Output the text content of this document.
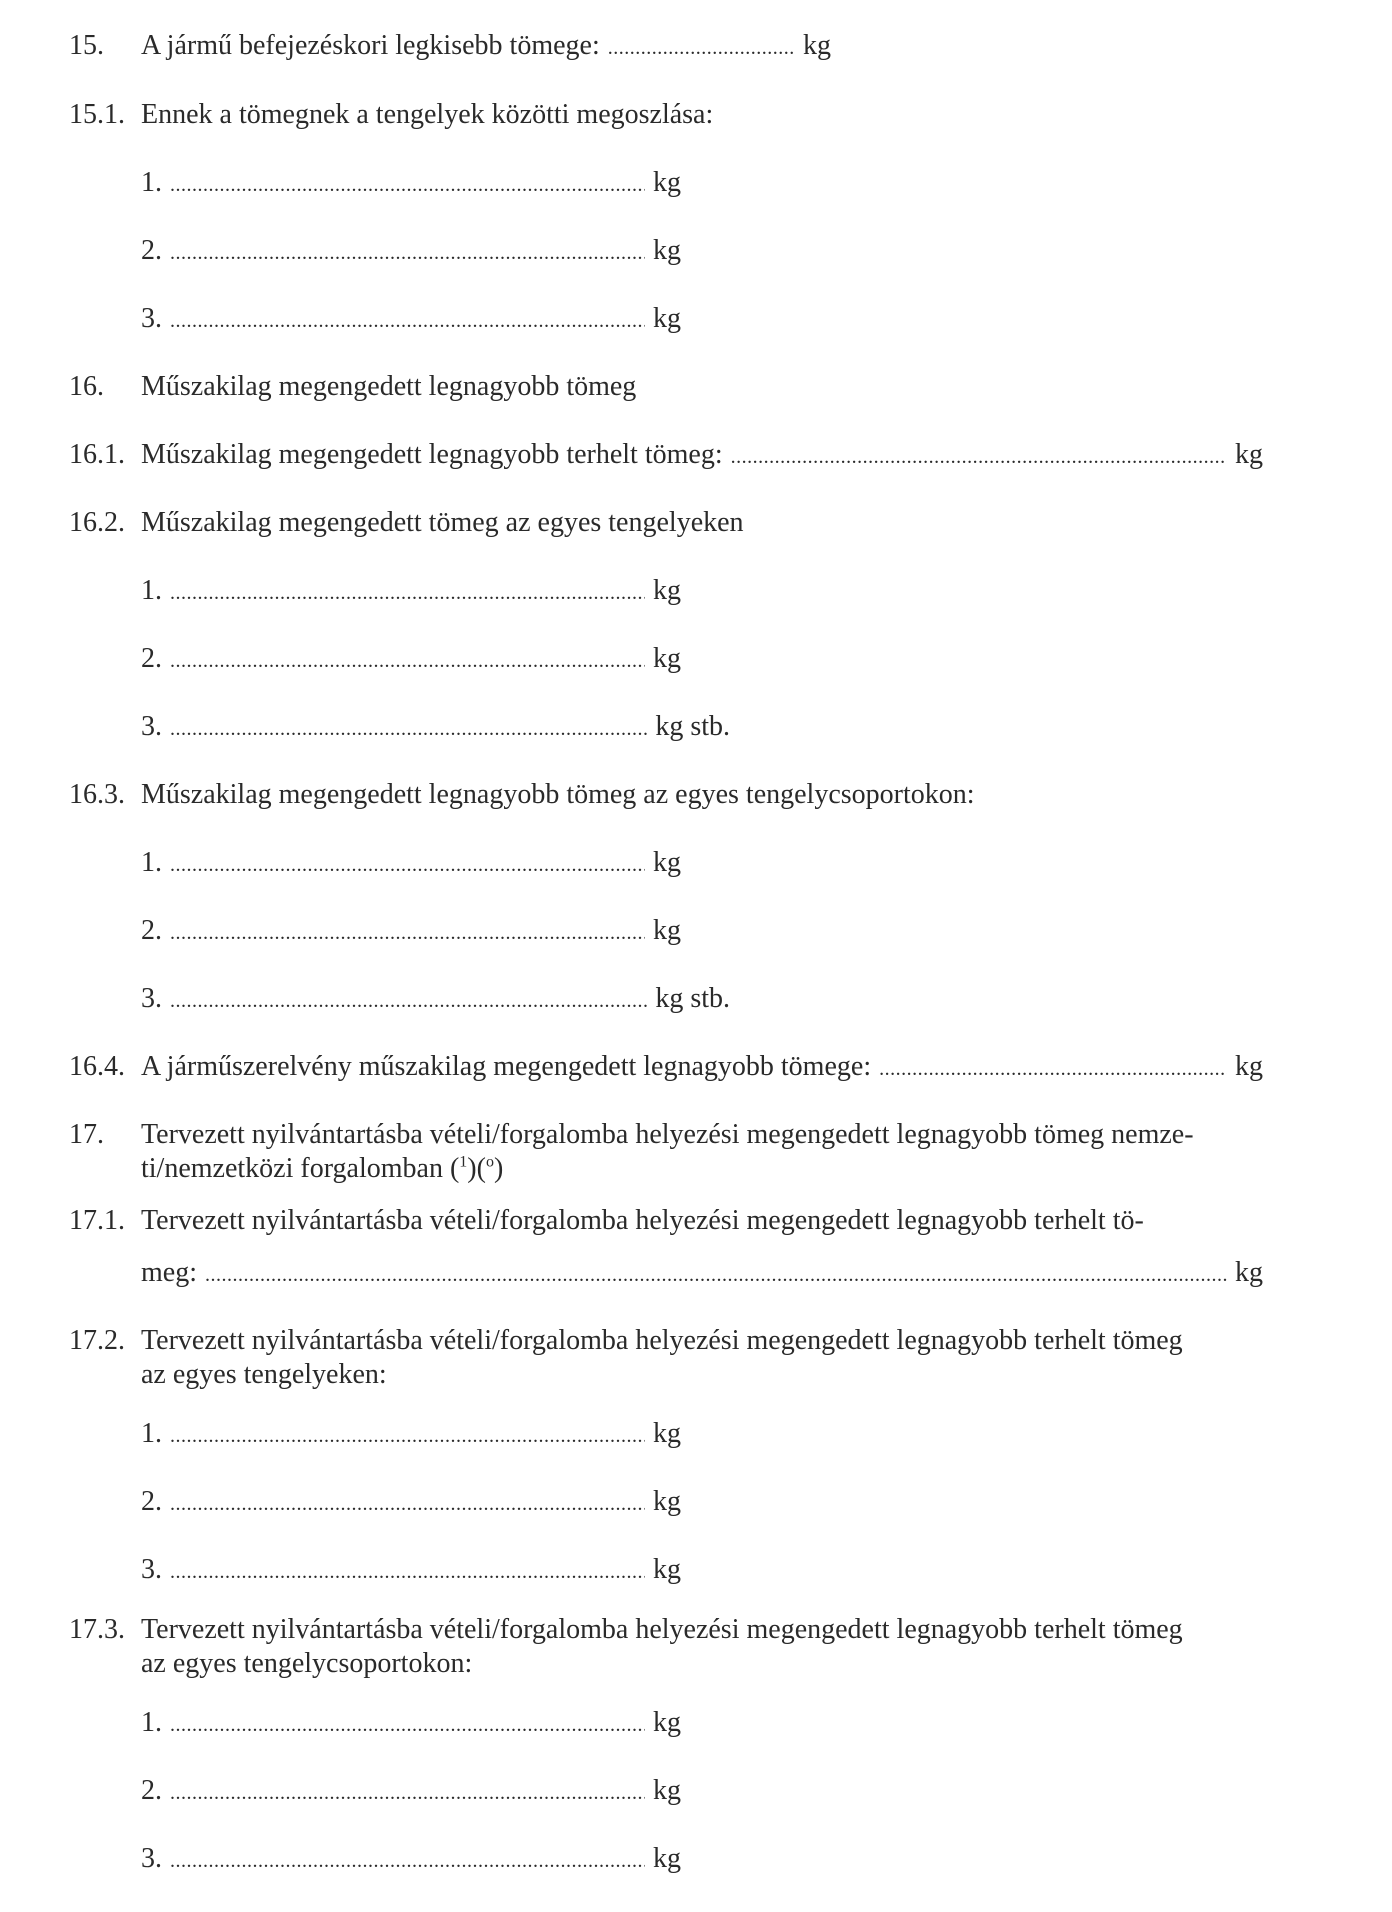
15. A jármű befejezéskori legkisebb tömege: .....	kg
15.1. Ennek a tömegnek a tengelyek közötti megoszlása:
1. .....	kg
2. .....	kg
3. .....	kg
16. Műszakilag megengedett legnagyobb tömeg
16.1. Műszakilag megengedett legnagyobb terhelt tömeg: .....	kg
16.2. Műszakilag megengedett tömeg az egyes tengelyeken
1. .....	kg
2. .....	kg
3. .....	kg stb.
16.3. Műszakilag megengedett legnagyobb tömeg az egyes tengelycsoportokon:
1. .....	kg
2. .....	kg
3. .....	kg stb.
16.4. A járműszerelvény műszakilag megengedett legnagyobb tömege: .....	kg
17. Tervezett nyilvántartásba vételi/forgalomba helyezési megengedett legnagyobb tömeg nemze-
ti/nemzetközi forgalomban ($^1$)($^o$)
17.1. Tervezett nyilvántartásba vételi/forgalomba helyezési megengedett legnagyobb terhelt tö-
meg: .....	kg
17.2. Tervezett nyilvántartásba vételi/forgalomba helyezési megengedett legnagyobb terhelt tömeg
az egyes tengelyeken:
1. .....	kg
2. .....	kg
3. .....	kg
17.3. Tervezett nyilvántartásba vételi/forgalomba helyezési megengedett legnagyobb terhelt tömeg
az egyes tengelycsoportokon:
1. .....	kg
2. .....	kg
3. .....	kg
